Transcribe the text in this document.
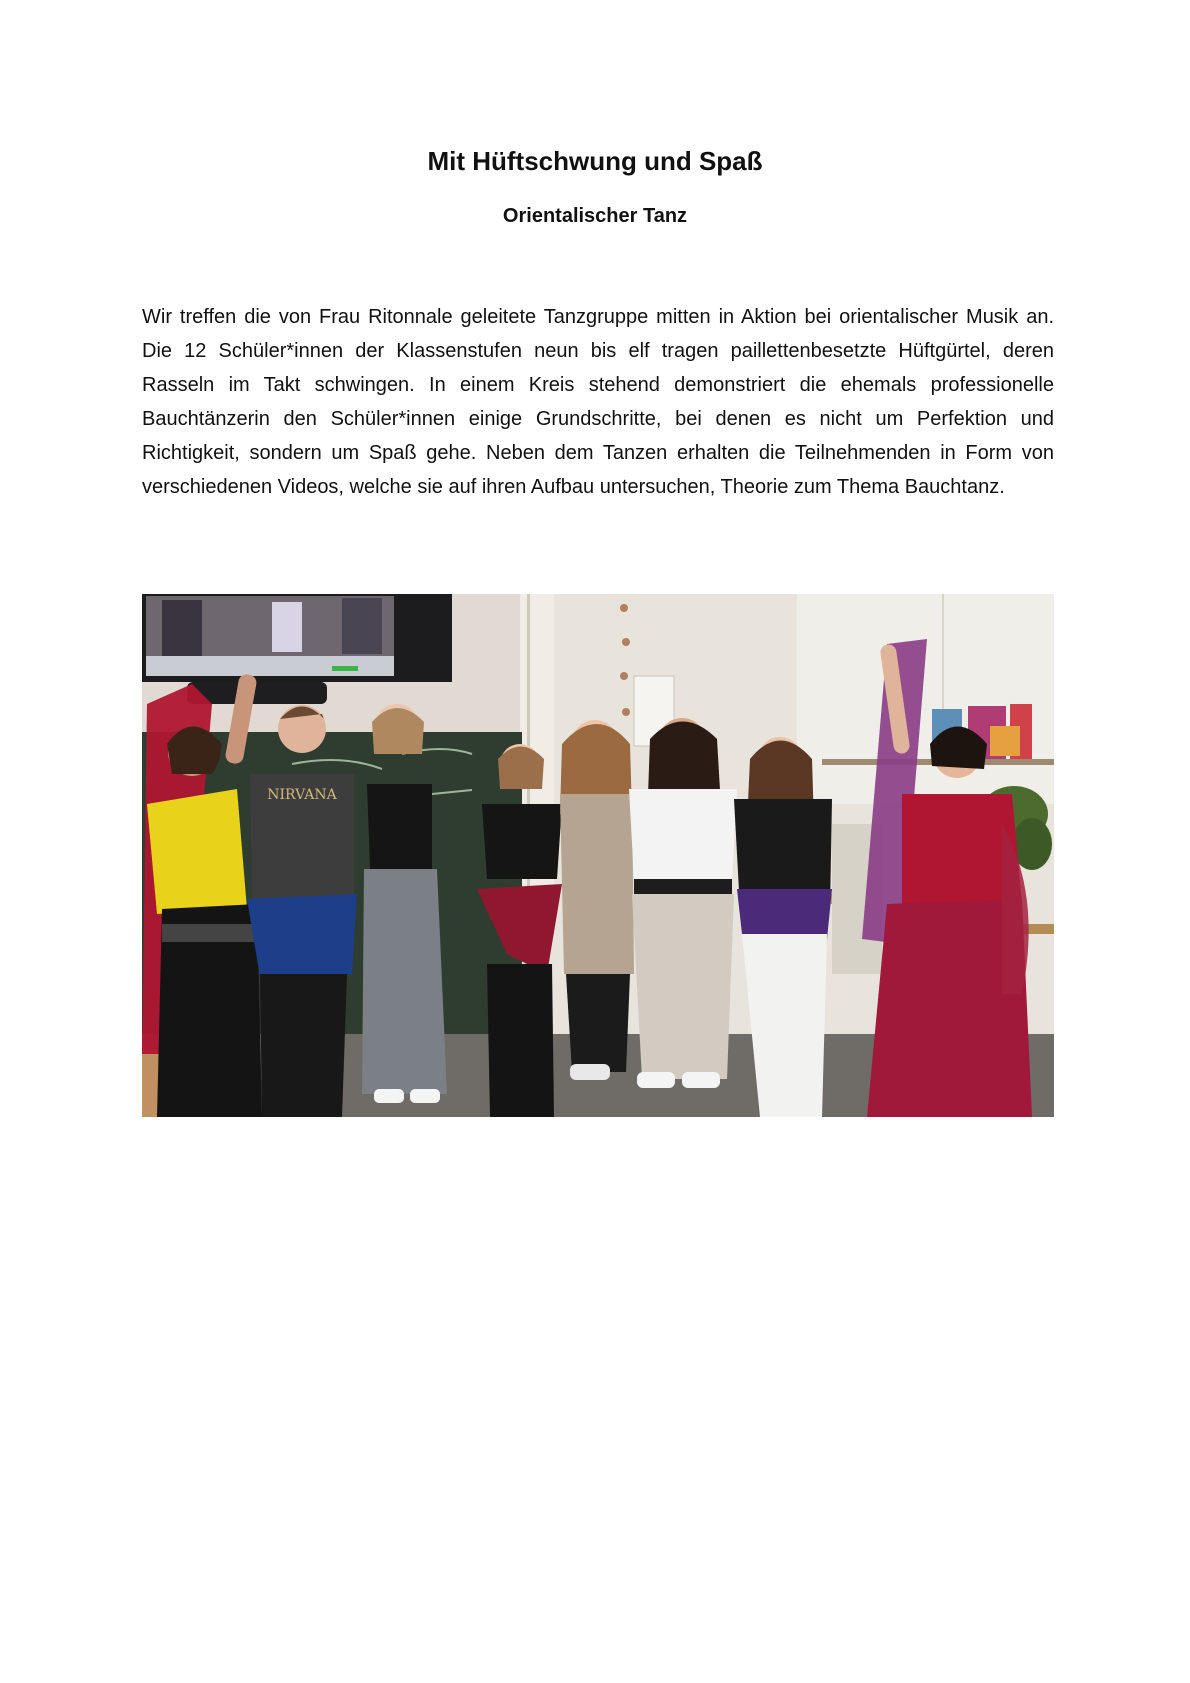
Mit Hüftschwung und Spaß
Orientalischer Tanz

Wir treffen die von Frau Ritonnale geleitete Tanzgruppe mitten in Aktion bei orientalischer Musik an. Die 12 Schüler*innen der Klassenstufen neun bis elf tragen paillettenbesetzte Hüftgürtel, deren Rasseln im Takt schwingen. In einem Kreis stehend demonstriert die ehemals professionelle Bauchtänzerin den Schüler*innen einige Grundschritte, bei denen es nicht um Perfektion und Richtigkeit, sondern um Spaß gehe. Neben dem Tanzen erhalten die Teilnehmenden in Form von verschiedenen Videos, welche sie auf ihren Aufbau untersuchen, Theorie zum Thema Bauchtanz.

NIRVANA
